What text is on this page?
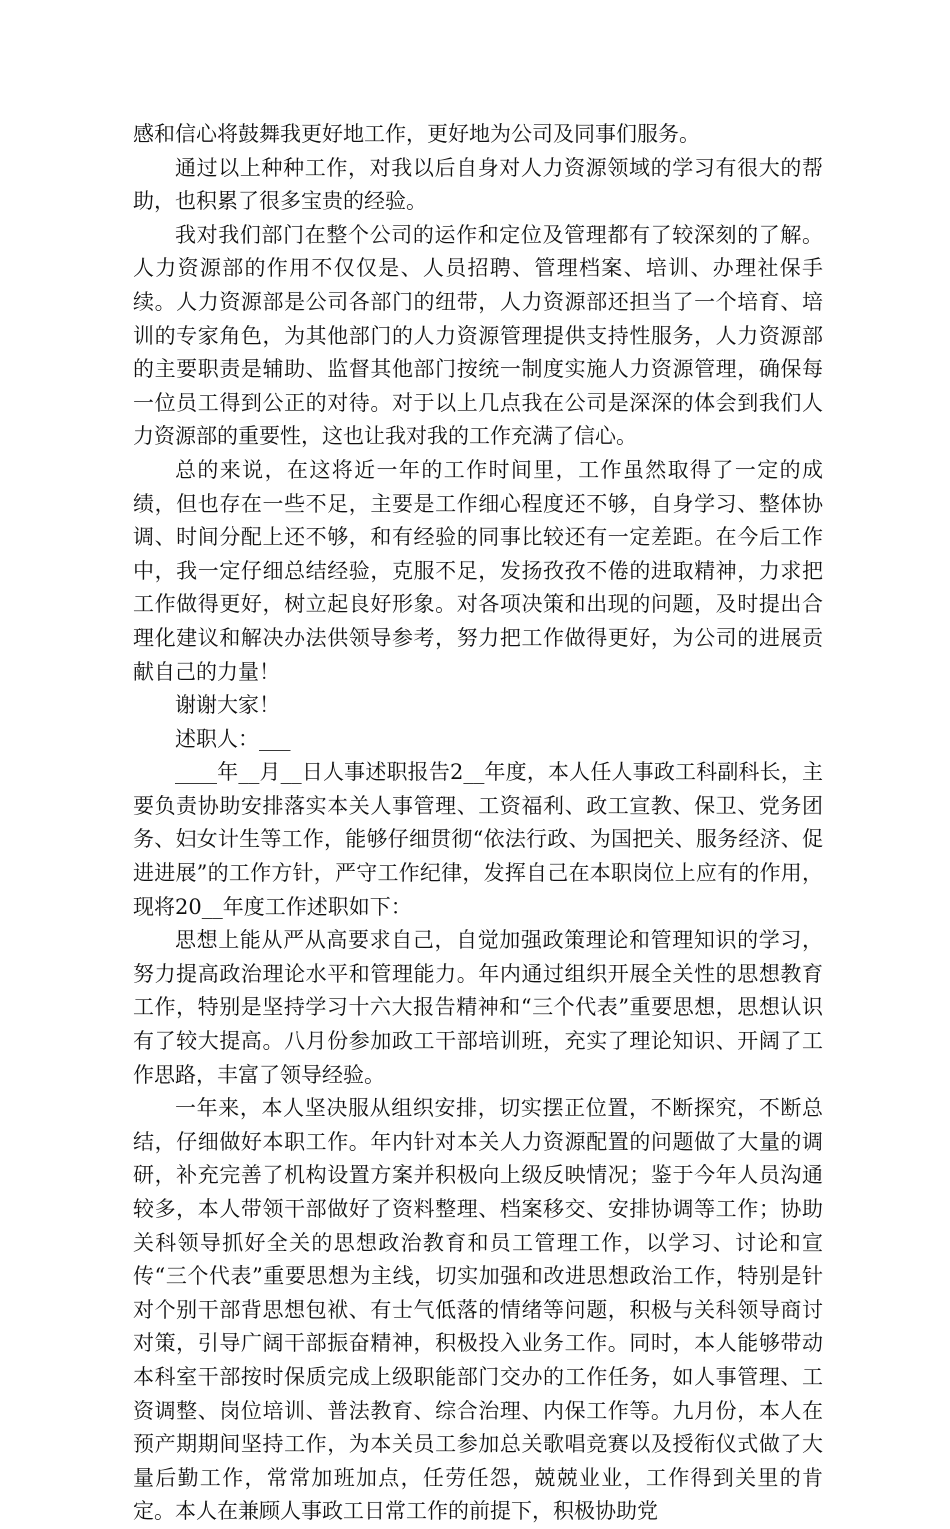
感和信心将鼓舞我更好地工作，更好地为公司及同事们服务。

通过以上种种工作，对我以后自身对人力资源领域的学习有很大的帮助，也积累了很多宝贵的经验。

我对我们部门在整个公司的运作和定位及管理都有了较深刻的了解。人力资源部的作用不仅仅是、人员招聘、管理档案、培训、办理社保手续。人力资源部是公司各部门的纽带，人力资源部还担当了一个培育、培训的专家角色，为其他部门的人力资源管理提供支持性服务，人力资源部的主要职责是辅助、监督其他部门按统一制度实施人力资源管理，确保每一位员工得到公正的对待。对于以上几点我在公司是深深的体会到我们人力资源部的重要性，这也让我对我的工作充满了信心。

总的来说，在这将近一年的工作时间里，工作虽然取得了一定的成绩，但也存在一些不足，主要是工作细心程度还不够，自身学习、整体协调、时间分配上还不够，和有经验的同事比较还有一定差距。在今后工作中，我一定仔细总结经验，克服不足，发扬孜孜不倦的进取精神，力求把工作做得更好，树立起良好形象。对各项决策和出现的问题，及时提出合理化建议和解决办法供领导参考，努力把工作做得更好，为公司的进展贡献自己的力量！

谢谢大家！

述职人：___

____年__月__日人事述职报告2__年度，本人任人事政工科副科长，主要负责协助安排落实本关人事管理、工资福利、政工宣教、保卫、党务团务、妇女计生等工作，能够仔细贯彻“依法行政、为国把关、服务经济、促进进展”的工作方针，严守工作纪律，发挥自己在本职岗位上应有的作用，现将20__年度工作述职如下：

思想上能从严从高要求自己，自觉加强政策理论和管理知识的学习，努力提高政治理论水平和管理能力。年内通过组织开展全关性的思想教育工作，特别是坚持学习十六大报告精神和“三个代表”重要思想，思想认识有了较大提高。八月份参加政工干部培训班，充实了理论知识、开阔了工作思路，丰富了领导经验。

一年来，本人坚决服从组织安排，切实摆正位置，不断探究，不断总结，仔细做好本职工作。年内针对本关人力资源配置的问题做了大量的调研，补充完善了机构设置方案并积极向上级反映情况；鉴于今年人员沟通较多，本人带领干部做好了资料整理、档案移交、安排协调等工作；协助关科领导抓好全关的思想政治教育和员工管理工作，以学习、讨论和宣传“三个代表”重要思想为主线，切实加强和改进思想政治工作，特别是针对个别干部背思想包袱、有士气低落的情绪等问题，积极与关科领导商讨对策，引导广阔干部振奋精神，积极投入业务工作。同时，本人能够带动本科室干部按时保质完成上级职能部门交办的工作任务，如人事管理、工资调整、岗位培训、普法教育、综合治理、内保工作等。九月份，本人在预产期期间坚持工作，为本关员工参加总关歌唱竞赛以及授衔仪式做了大量后勤工作，常常加班加点，任劳任怨，兢兢业业，工作得到关里的肯定。本人在兼顾人事政工日常工作的前提下，积极协助党
